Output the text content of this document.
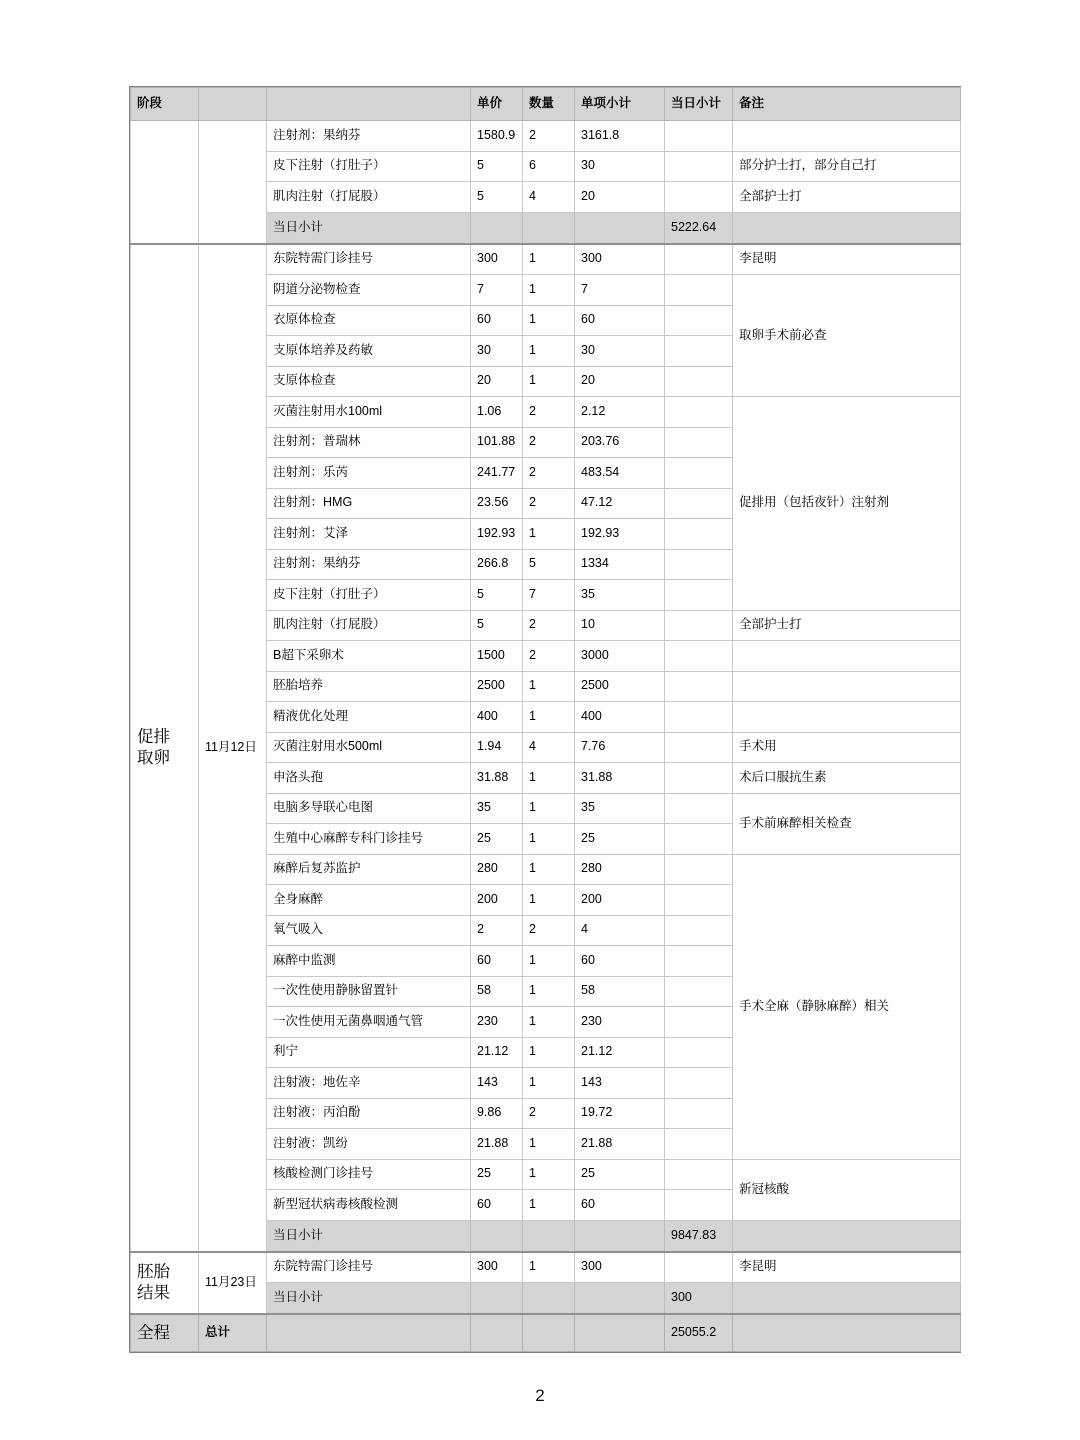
阶段			单价	数量	单项小计	当日小计	备注
		注射剂：果纳芬	1580.9	2	3161.8		
		皮下注射（打肚子）	5	6	30		部分护士打，部分自己打
		肌肉注射（打屁股）	5	4	20		全部护士打
		当日小计				5222.64	
促排
取卵	11月12日	东院特需门诊挂号	300	1	300		李昆明
		阴道分泌物检查	7	1	7		取卵手术前必查
		衣原体检查	60	1	60		
		支原体培养及药敏	30	1	30		
		支原体检查	20	1	20		
		灭菌注射用水100ml	1.06	2	2.12		促排用（包括夜针）注射剂
		注射剂：普瑞林	101.88	2	203.76		
		注射剂：乐芮	241.77	2	483.54		
		注射剂：HMG	23.56	2	47.12		
		注射剂：艾泽	192.93	1	192.93		
		注射剂：果纳芬	266.8	5	1334		
		皮下注射（打肚子）	5	7	35		
		肌肉注射（打屁股）	5	2	10		全部护士打
		B超下采卵术	1500	2	3000		
		胚胎培养	2500	1	2500		
		精液优化处理	400	1	400		
		灭菌注射用水500ml	1.94	4	7.76		手术用
		申洛头孢	31.88	1	31.88		术后口服抗生素
		电脑多导联心电图	35	1	35		手术前麻醉相关检查
		生殖中心麻醉专科门诊挂号	25	1	25		
		麻醉后复苏监护	280	1	280		手术全麻（静脉麻醉）相关
		全身麻醉	200	1	200		
		氧气吸入	2	2	4		
		麻醉中监测	60	1	60		
		一次性使用静脉留置针	58	1	58		
		一次性使用无菌鼻咽通气管	230	1	230		
		利宁	21.12	1	21.12		
		注射液：地佐辛	143	1	143		
		注射液：丙泊酚	9.86	2	19.72		
		注射液：凯纷	21.88	1	21.88		
		核酸检测门诊挂号	25	1	25		新冠核酸
		新型冠状病毒核酸检测	60	1	60		
		当日小计				9847.83	
胚胎
结果	11月23日	东院特需门诊挂号	300	1	300		李昆明
		当日小计				300	
全程	总计					25055.2	
2
